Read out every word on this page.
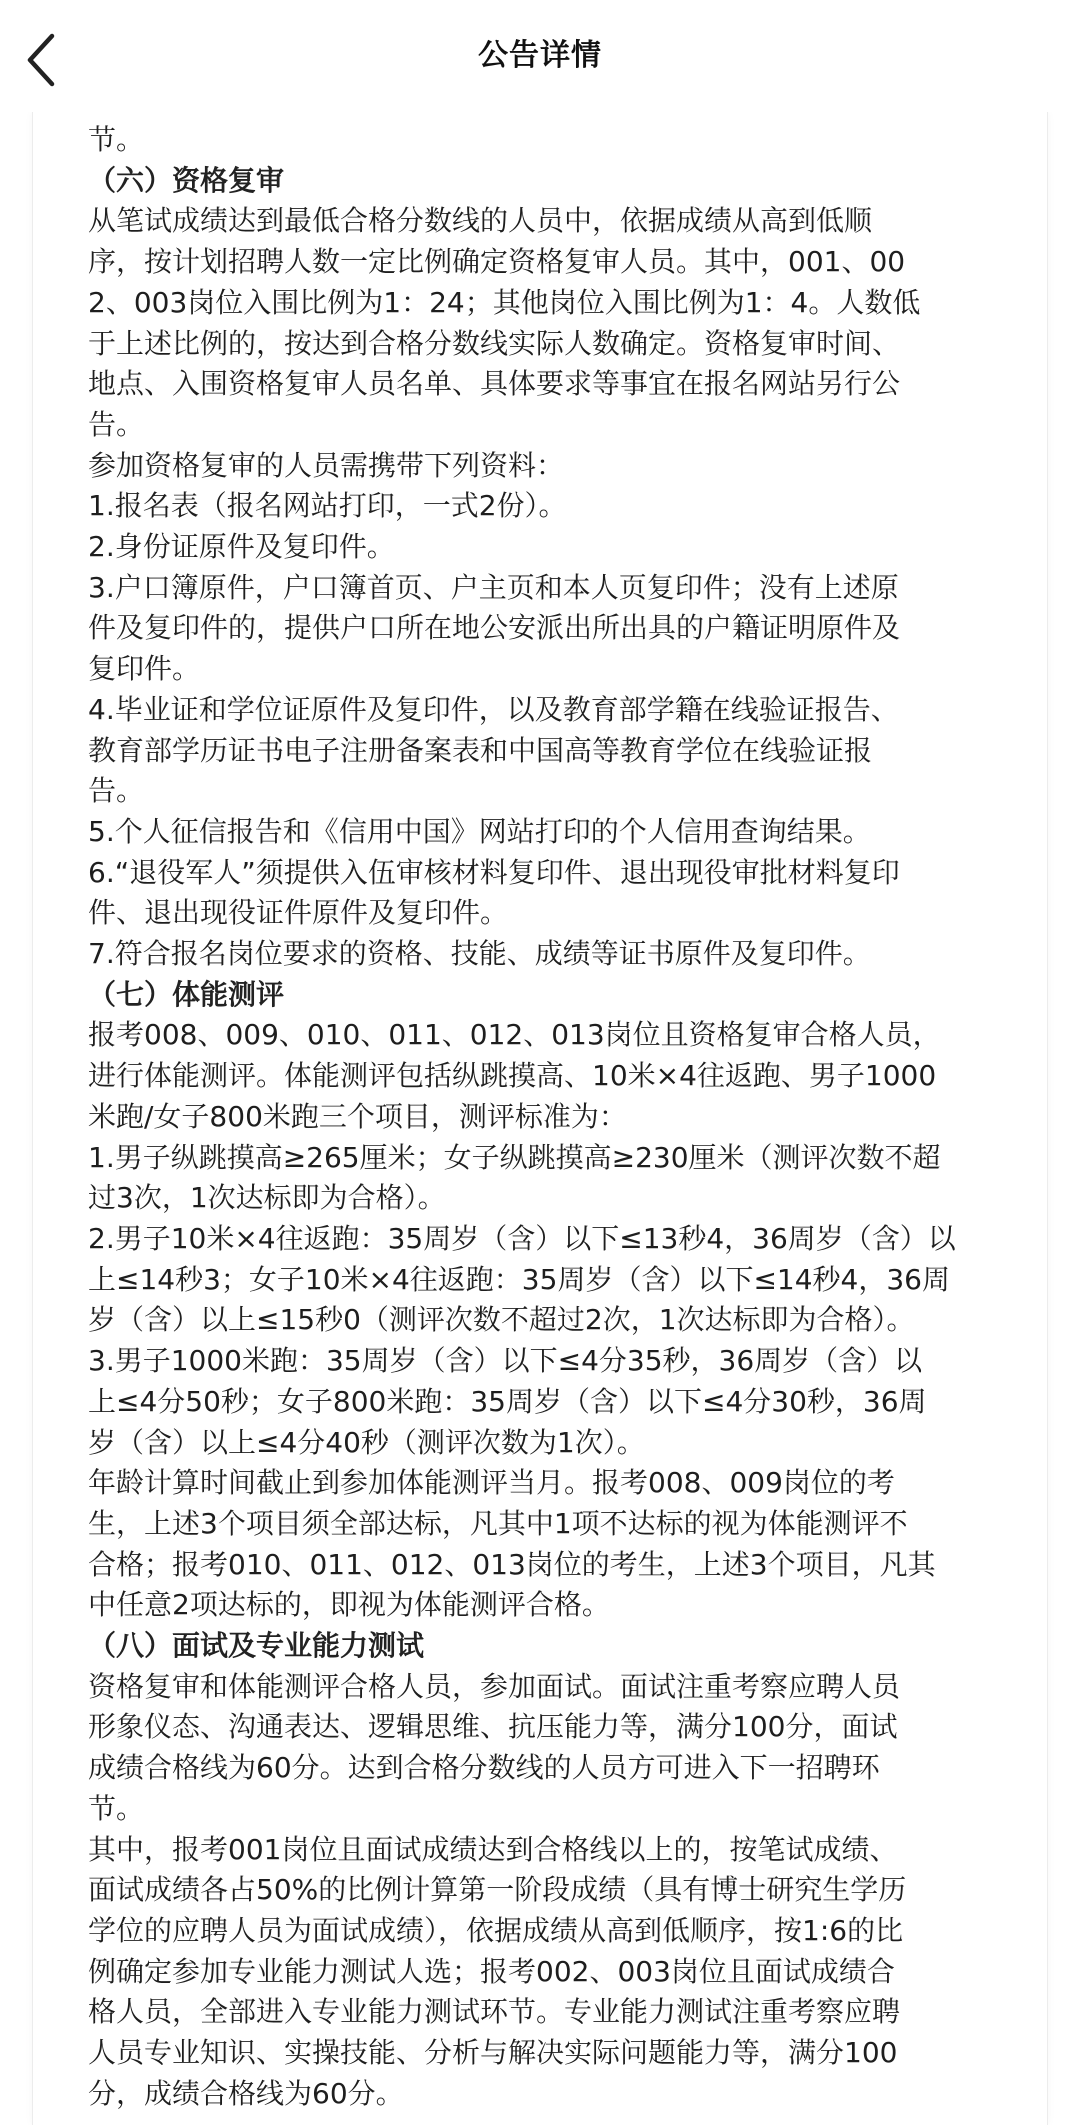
公告详情

节。

（六）资格复审

从笔试成绩达到最低合格分数线的人员中，依据成绩从高到低顺
序，按计划招聘人数一定比例确定资格复审人员。其中，001、00
2、003岗位入围比例为1：24；其他岗位入围比例为1：4。人数低
于上述比例的，按达到合格分数线实际人数确定。资格复审时间、
地点、入围资格复审人员名单、具体要求等事宜在报名网站另行公
告。

参加资格复审的人员需携带下列资料：

1.报名表（报名网站打印，一式2份）。

2.身份证原件及复印件。

3.户口簿原件，户口簿首页、户主页和本人页复印件；没有上述原
件及复印件的，提供户口所在地公安派出所出具的户籍证明原件及
复印件。

4.毕业证和学位证原件及复印件，以及教育部学籍在线验证报告、
教育部学历证书电子注册备案表和中国高等教育学位在线验证报
告。

5.个人征信报告和《信用中国》网站打印的个人信用查询结果。

6.“退役军人”须提供入伍审核材料复印件、退出现役审批材料复印
件、退出现役证件原件及复印件。

7.符合报名岗位要求的资格、技能、成绩等证书原件及复印件。

（七）体能测评

报考008、009、010、011、012、013岗位且资格复审合格人员，
进行体能测评。体能测评包括纵跳摸高、10米×4往返跑、男子1000
米跑/女子800米跑三个项目，测评标准为：

1.男子纵跳摸高≥265厘米；女子纵跳摸高≥230厘米（测评次数不超
过3次，1次达标即为合格）。

2.男子10米×4往返跑：35周岁（含）以下≤13秒4，36周岁（含）以
上≤14秒3；女子10米×4往返跑：35周岁（含）以下≤14秒4，36周
岁（含）以上≤15秒0（测评次数不超过2次，1次达标即为合格）。

3.男子1000米跑：35周岁（含）以下≤4分35秒，36周岁（含）以
上≤4分50秒；女子800米跑：35周岁（含）以下≤4分30秒，36周
岁（含）以上≤4分40秒（测评次数为1次）。

年龄计算时间截止到参加体能测评当月。报考008、009岗位的考
生，上述3个项目须全部达标，凡其中1项不达标的视为体能测评不
合格；报考010、011、012、013岗位的考生，上述3个项目，凡其
中任意2项达标的，即视为体能测评合格。

（八）面试及专业能力测试

资格复审和体能测评合格人员，参加面试。面试注重考察应聘人员
形象仪态、沟通表达、逻辑思维、抗压能力等，满分100分，面试
成绩合格线为60分。达到合格分数线的人员方可进入下一招聘环
节。

其中，报考001岗位且面试成绩达到合格线以上的，按笔试成绩、
面试成绩各占50%的比例计算第一阶段成绩（具有博士研究生学历
学位的应聘人员为面试成绩），依据成绩从高到低顺序，按1:6的比
例确定参加专业能力测试人选；报考002、003岗位且面试成绩合
格人员，全部进入专业能力测试环节。专业能力测试注重考察应聘
人员专业知识、实操技能、分析与解决实际问题能力等，满分100
分，成绩合格线为60分。
